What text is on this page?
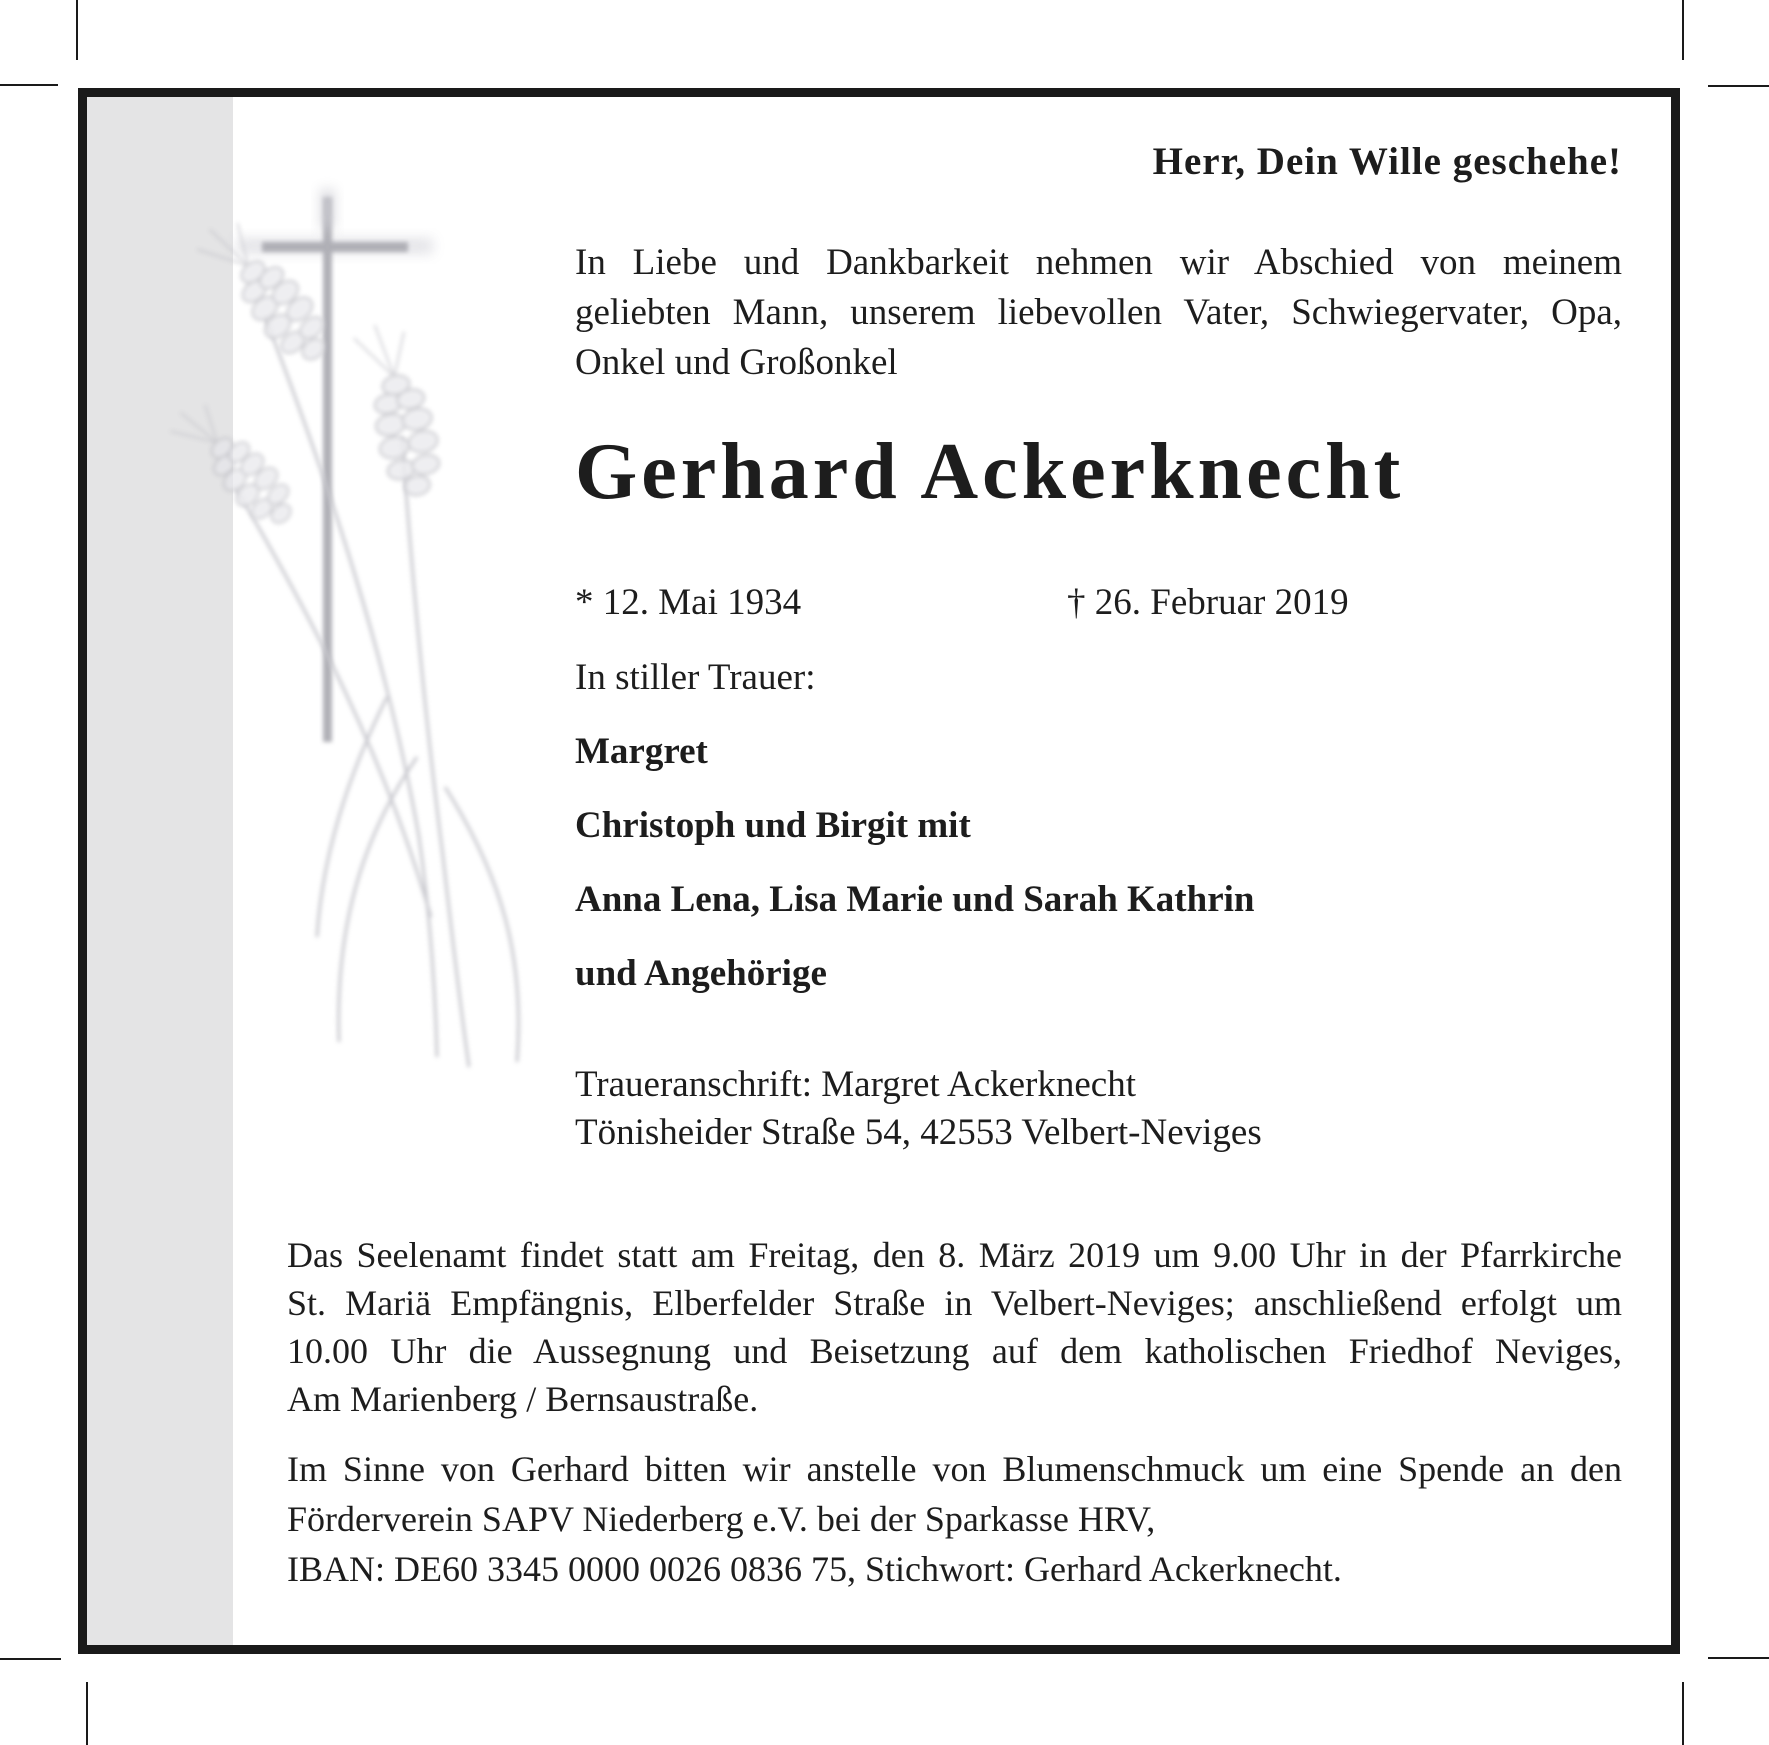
Herr, Dein Wille geschehe!
In Liebe und Dankbarkeit nehmen wir Abschied von meinem
geliebten Mann, unserem liebevollen Vater, Schwiegervater, Opa,
Onkel und Großonkel
Gerhard Ackerknecht
* 12. Mai 1934	† 26. Februar 2019
In stiller Trauer:
Margret
Christoph und Birgit mit
Anna Lena, Lisa Marie und Sarah Kathrin
und Angehörige
Traueranschrift: Margret Ackerknecht
Tönisheider Straße 54, 42553 Velbert-Neviges
Das Seelenamt findet statt am Freitag, den 8. März 2019 um 9.00 Uhr in der Pfarrkirche
St. Mariä Empfängnis, Elberfelder Straße in Velbert-Neviges; anschließend erfolgt um
10.00 Uhr die Aussegnung und Beisetzung auf dem katholischen Friedhof Neviges,
Am Marienberg / Bernsaustraße.
Im Sinne von Gerhard bitten wir anstelle von Blumenschmuck um eine Spende an den
Förderverein SAPV Niederberg e.V. bei der Sparkasse HRV,
IBAN: DE60 3345 0000 0026 0836 75, Stichwort: Gerhard Ackerknecht.
